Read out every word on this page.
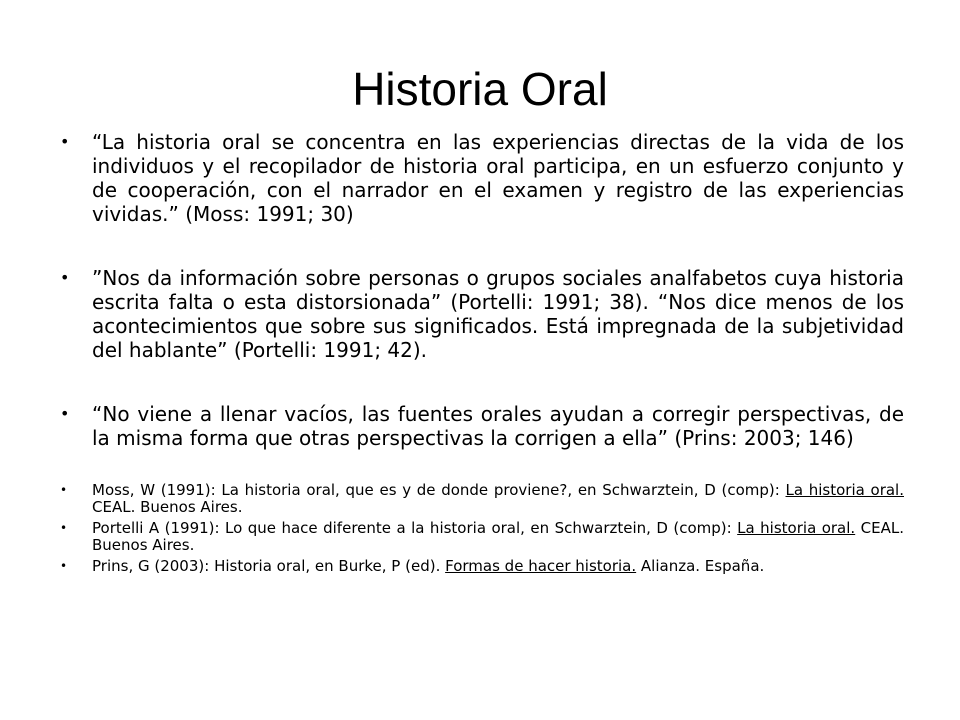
Historia Oral
• “La historia oral se concentra en las experiencias directas de la vida de los individuos y el recopilador de historia oral participa, en un esfuerzo conjunto y de cooperación, con el narrador en el examen y registro de las experiencias vividas.” (Moss: 1991; 30)
• ”Nos da información sobre personas o grupos sociales analfabetos cuya historia escrita falta o esta distorsionada” (Portelli: 1991; 38). “Nos dice menos de los acontecimientos que sobre sus significados. Está impregnada de la subjetividad del hablante” (Portelli: 1991; 42).
• “No viene a llenar vacíos, las fuentes orales ayudan a corregir perspectivas, de la misma forma que otras perspectivas la corrigen a ella” (Prins: 2003; 146)
• Moss, W (1991): La historia oral, que es y de donde proviene?, en Schwarztein, D (comp): La historia oral. CEAL. Buenos Aires.
• Portelli A (1991): Lo que hace diferente a la historia oral, en Schwarztein, D (comp): La historia oral. CEAL. Buenos Aires.
• Prins, G (2003): Historia oral, en Burke, P (ed). Formas de hacer historia. Alianza. España.
